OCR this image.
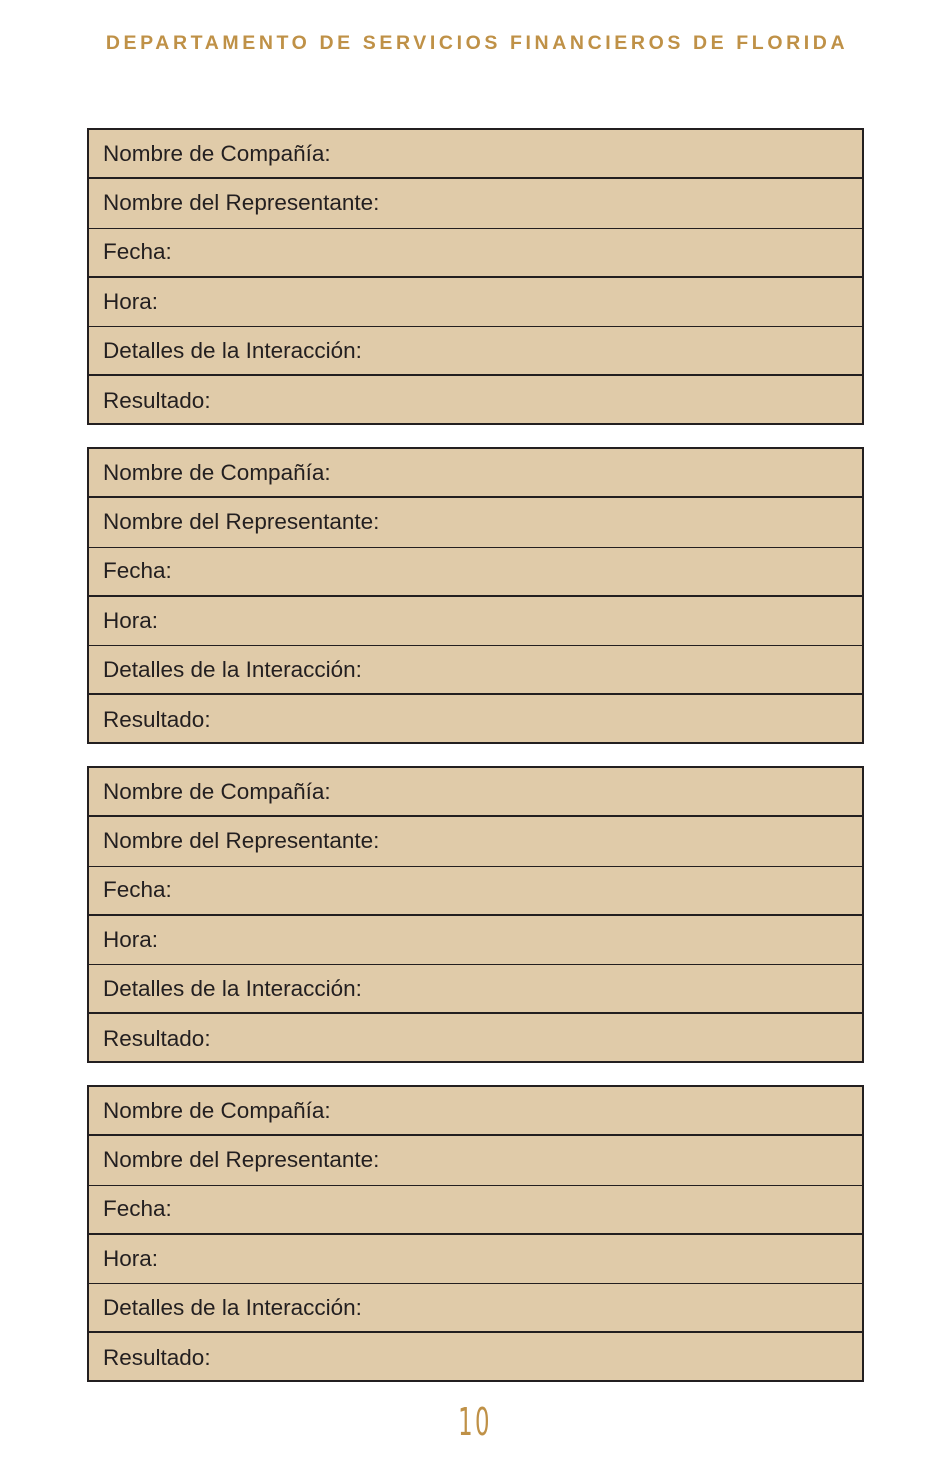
DEPARTAMENTO DE SERVICIOS FINANCIEROS DE FLORIDA
Nombre de Compañía:
Nombre del Representante:
Fecha:
Hora:
Detalles de la Interacción:
Resultado:
Nombre de Compañía:
Nombre del Representante:
Fecha:
Hora:
Detalles de la Interacción:
Resultado:
Nombre de Compañía:
Nombre del Representante:
Fecha:
Hora:
Detalles de la Interacción:
Resultado:
Nombre de Compañía:
Nombre del Representante:
Fecha:
Hora:
Detalles de la Interacción:
Resultado:
10
